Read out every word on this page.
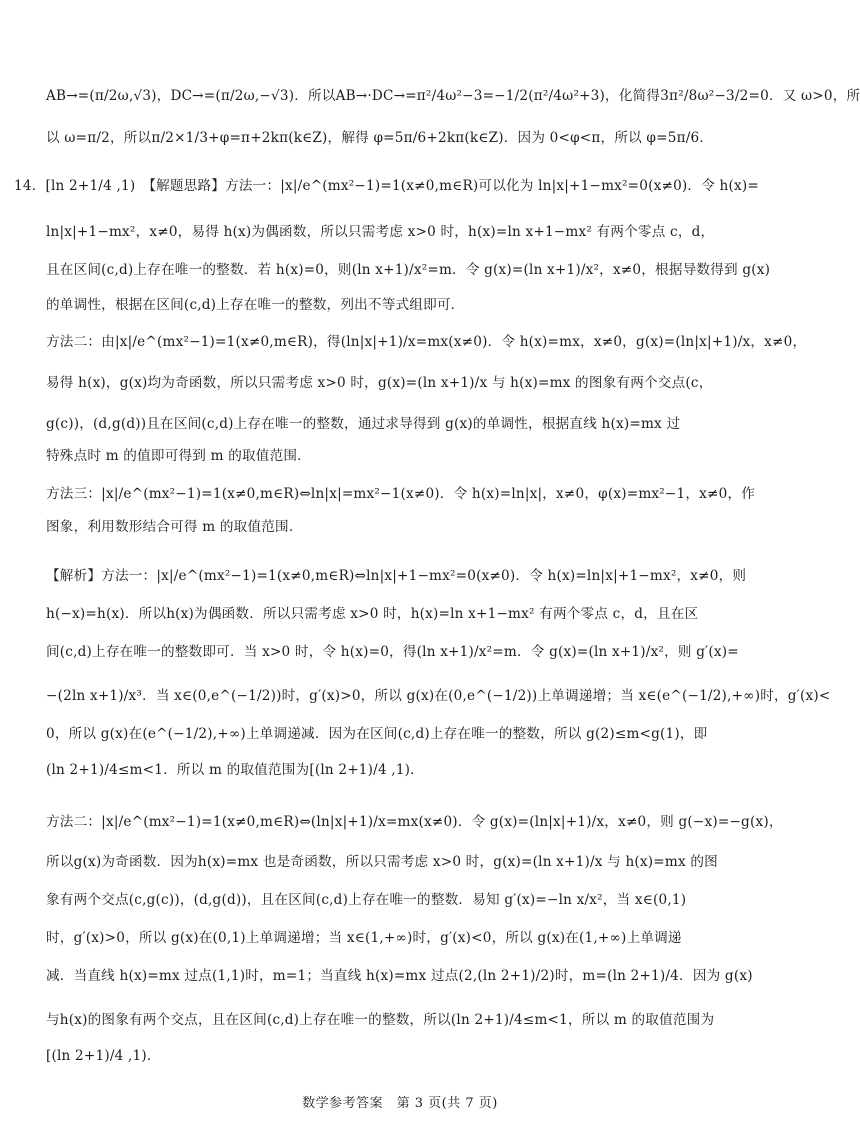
AB→=(π/2ω,√3)，DC→=(π/2ω,−√3)．所以AB→·DC→=π²/4ω²−3=−1/2(π²/4ω²+3)，化简得3π²/8ω²−3/2=0．又 ω>0，所
以 ω=π/2，所以π/2×1/3+φ=π+2kπ(k∈Z)，解得 φ=5π/6+2kπ(k∈Z)．因为 0<φ<π，所以 φ=5π/6．
14．[ln 2+1/4 ,1)　【解题思路】方法一：|x|/e^(mx²−1)=1(x≠0,m∈R)可以化为 ln|x|+1−mx²=0(x≠0)．令 h(x)=
ln|x|+1−mx²，x≠0，易得 h(x)为偶函数，所以只需考虑 x>0 时，h(x)=ln x+1−mx² 有两个零点 c，d，
且在区间(c,d)上存在唯一的整数．若 h(x)=0，则(ln x+1)/x²=m．令 g(x)=(ln x+1)/x²，x≠0，根据导数得到 g(x)
的单调性，根据在区间(c,d)上存在唯一的整数，列出不等式组即可．
方法二：由|x|/e^(mx²−1)=1(x≠0,m∈R)，得(ln|x|+1)/x=mx(x≠0)．令 h(x)=mx，x≠0，g(x)=(ln|x|+1)/x，x≠0，
易得 h(x)，g(x)均为奇函数，所以只需考虑 x>0 时，g(x)=(ln x+1)/x 与 h(x)=mx 的图象有两个交点(c，
g(c))，(d,g(d))且在区间(c,d)上存在唯一的整数，通过求导得到 g(x)的单调性，根据直线 h(x)=mx 过
特殊点时 m 的值即可得到 m 的取值范围．
方法三：|x|/e^(mx²−1)=1(x≠0,m∈R)⇔ln|x|=mx²−1(x≠0)．令 h(x)=ln|x|，x≠0，φ(x)=mx²−1，x≠0，作
图象，利用数形结合可得 m 的取值范围．
【解析】方法一：|x|/e^(mx²−1)=1(x≠0,m∈R)⇔ln|x|+1−mx²=0(x≠0)．令 h(x)=ln|x|+1−mx²，x≠0，则
h(−x)=h(x)．所以h(x)为偶函数．所以只需考虑 x>0 时，h(x)=ln x+1−mx² 有两个零点 c，d，且在区
间(c,d)上存在唯一的整数即可．当 x>0 时，令 h(x)=0，得(ln x+1)/x²=m．令 g(x)=(ln x+1)/x²，则 g′(x)=
−(2ln x+1)/x³．当 x∈(0,e^(−1/2))时，g′(x)>0，所以 g(x)在(0,e^(−1/2))上单调递增；当 x∈(e^(−1/2),+∞)时，g′(x)<
0，所以 g(x)在(e^(−1/2),+∞)上单调递减．因为在区间(c,d)上存在唯一的整数，所以 g(2)≤m<g(1)，即
(ln 2+1)/4≤m<1．所以 m 的取值范围为[(ln 2+1)/4 ,1)．
方法二：|x|/e^(mx²−1)=1(x≠0,m∈R)⇔(ln|x|+1)/x=mx(x≠0)．令 g(x)=(ln|x|+1)/x，x≠0，则 g(−x)=−g(x)，
所以g(x)为奇函数．因为h(x)=mx 也是奇函数，所以只需考虑 x>0 时，g(x)=(ln x+1)/x 与 h(x)=mx 的图
象有两个交点(c,g(c))，(d,g(d))，且在区间(c,d)上存在唯一的整数．易知 g′(x)=−ln x/x²，当 x∈(0,1)
时，g′(x)>0，所以 g(x)在(0,1)上单调递增；当 x∈(1,+∞)时，g′(x)<0，所以 g(x)在(1,+∞)上单调递
减．当直线 h(x)=mx 过点(1,1)时，m=1；当直线 h(x)=mx 过点(2,(ln 2+1)/2)时，m=(ln 2+1)/4．因为 g(x)
与h(x)的图象有两个交点，且在区间(c,d)上存在唯一的整数，所以(ln 2+1)/4≤m<1，所以 m 的取值范围为
[(ln 2+1)/4 ,1)．
数学参考答案　第 3 页(共 7 页)
